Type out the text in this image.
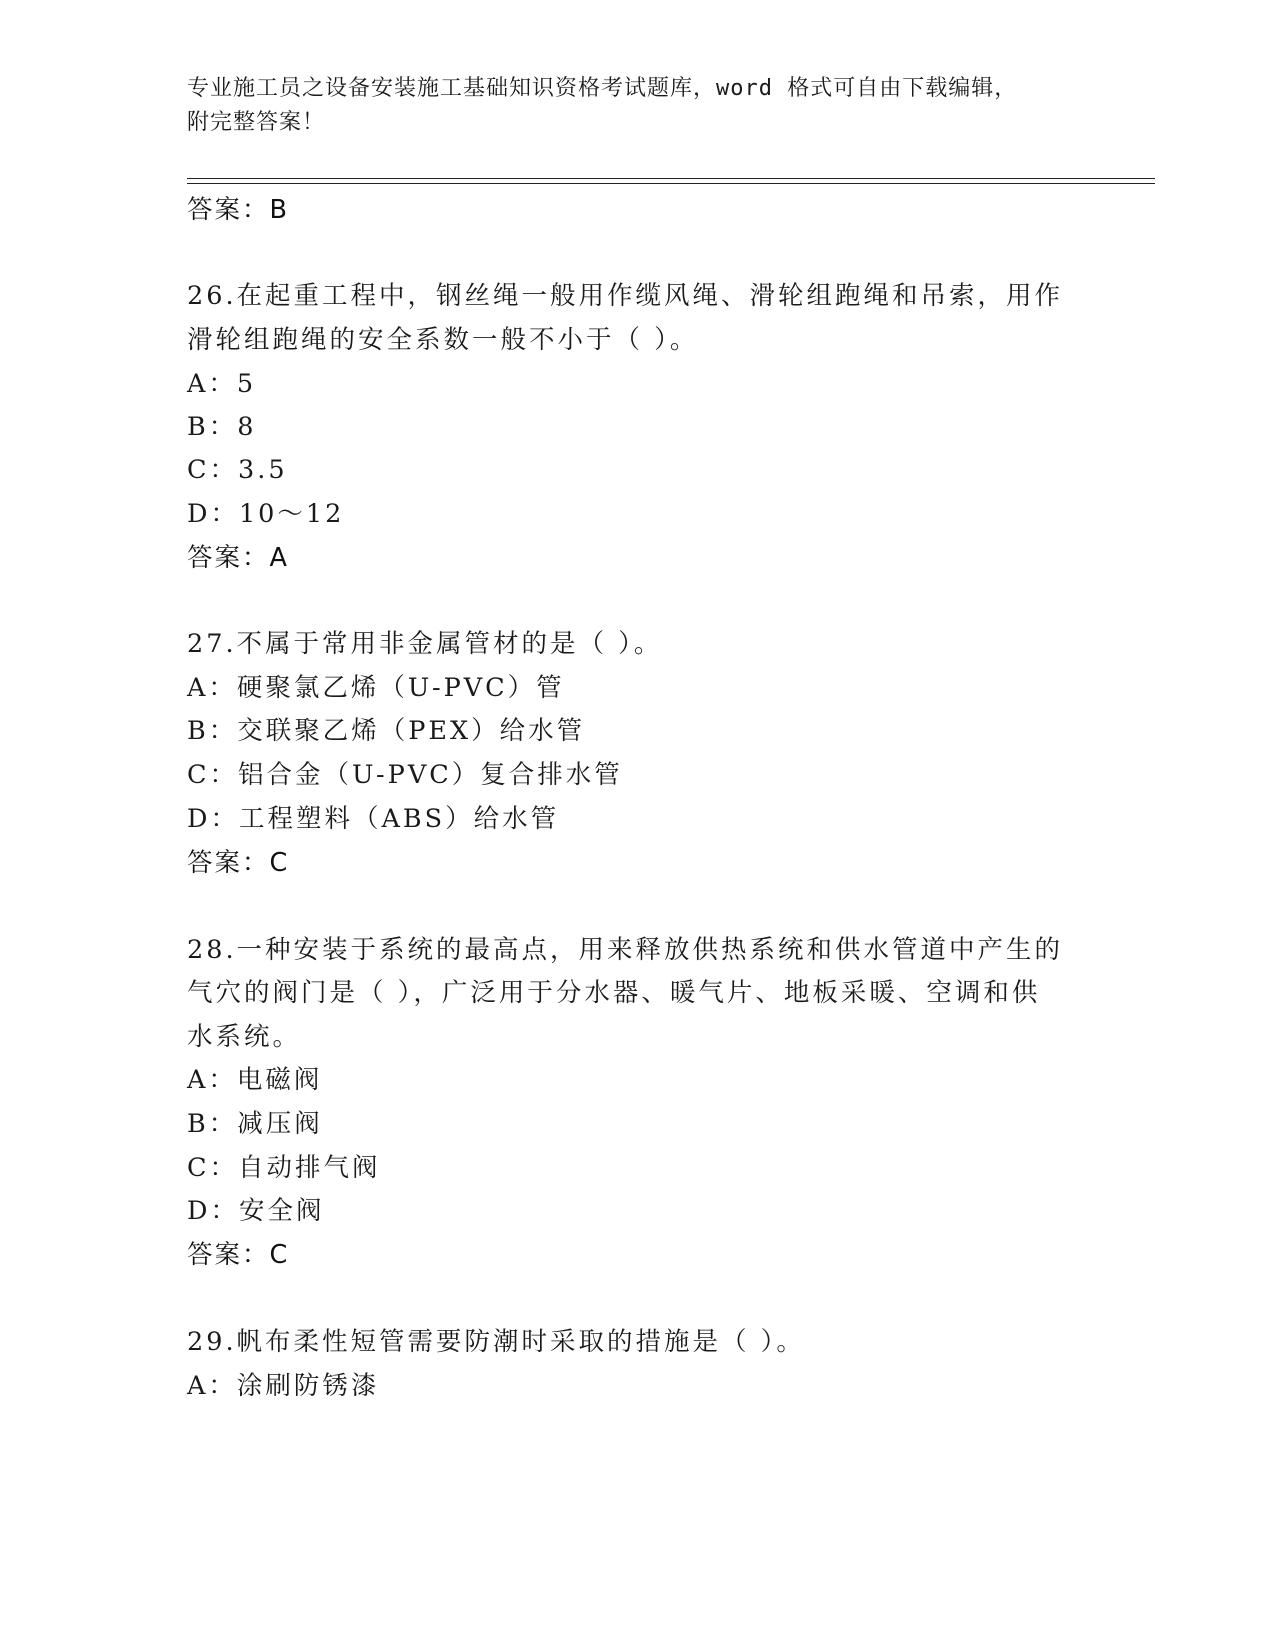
专业施工员之设备安装施工基础知识资格考试题库，word 格式可自由下载编辑，
附完整答案！
答案：B
26.在起重工程中，钢丝绳一般用作缆风绳、滑轮组跑绳和吊索，用作
滑轮组跑绳的安全系数一般不小于（ ）。
A：5
B：8
C：3.5
D：10～12
答案：A
27.不属于常用非金属管材的是（ ）。
A：硬聚氯乙烯（U-PVC）管
B：交联聚乙烯（PEX）给水管
C：铝合金（U-PVC）复合排水管
D：工程塑料（ABS）给水管
答案：C
28.一种安装于系统的最高点，用来释放供热系统和供水管道中产生的
气穴的阀门是（ ），广泛用于分水器、暖气片、地板采暖、空调和供
水系统。
A：电磁阀
B：减压阀
C：自动排气阀
D：安全阀
答案：C
29.帆布柔性短管需要防潮时采取的措施是（ ）。
A：涂刷防锈漆
